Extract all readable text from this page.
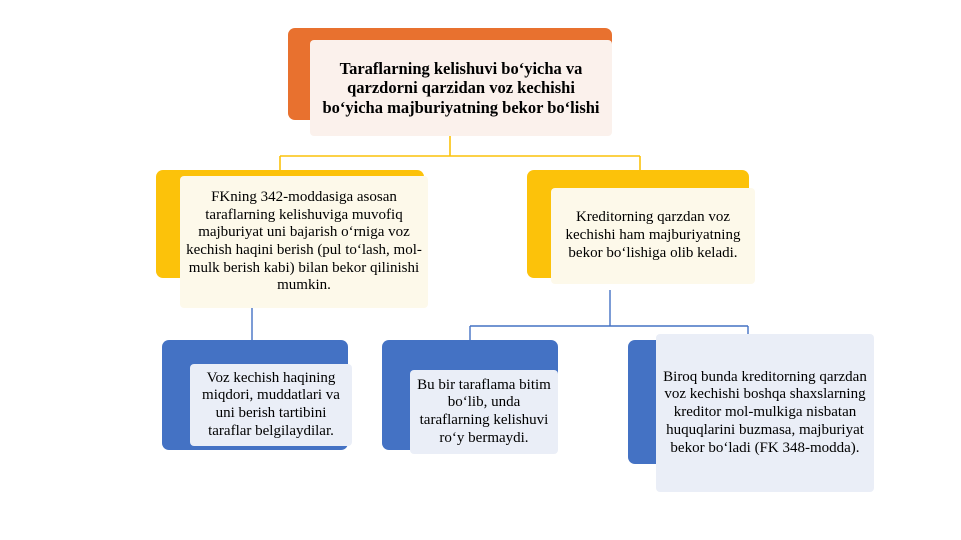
Taraflarning kelishuvi bo‘yicha va qarzdorni qarzidan voz kechishi bo‘yicha majburiyatning bekor bo‘lishi
FKning 342-moddasiga asosan taraflarning kelishuviga muvofiq majburiyat uni bajarish o‘rniga voz kechish haqini berish (pul to‘lash, mol-mulk berish kabi) bilan bekor qilinishi mumkin.
Kreditorning qarzdan voz kechishi ham majburiyatning bekor bo‘lishiga olib keladi.
Voz kechish haqining miqdori, muddatlari va uni berish tartibini taraflar belgilaydilar.
Bu bir taraflama bitim bo‘lib, unda taraflarning kelishuvi ro‘y bermaydi.
Biroq bunda kreditorning qarzdan voz kechishi boshqa shaxslarning kreditor mol-mulkiga nisbatan huquqlarini buzmasa, majburiyat bekor bo‘ladi (FK 348-modda).
